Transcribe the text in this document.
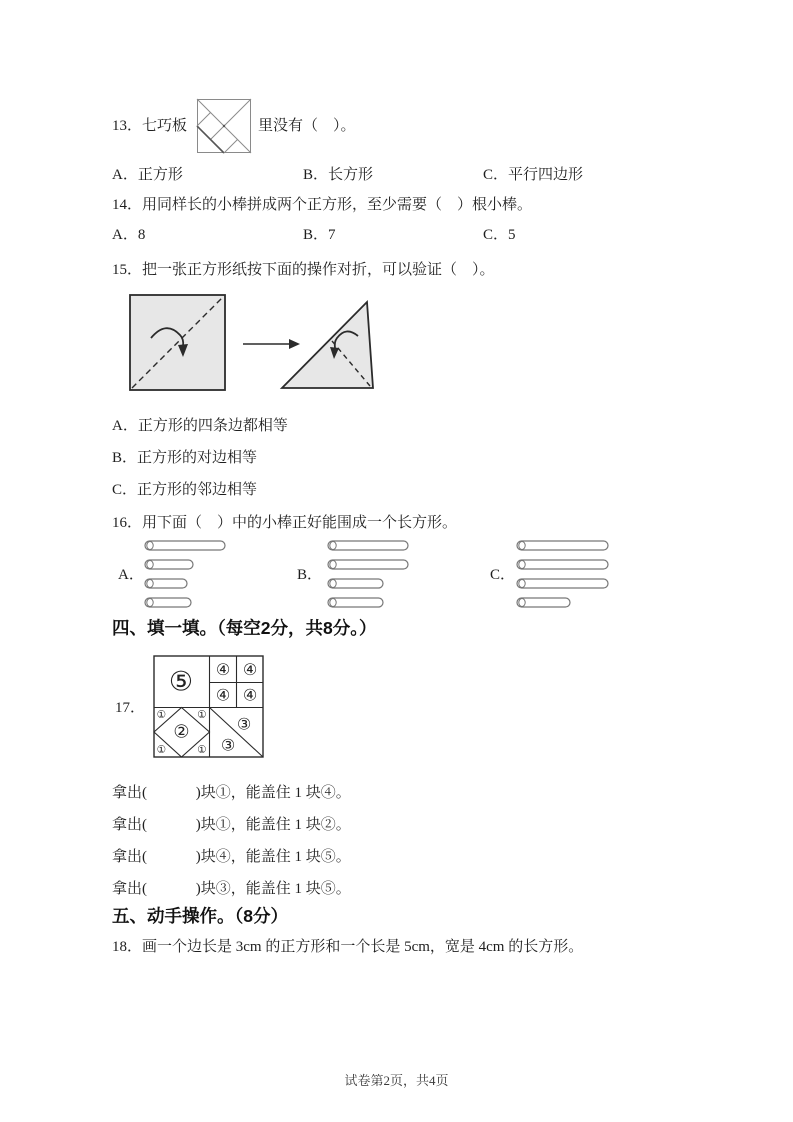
13．七巧板	里没有（　）。
A．正方形	B．长方形	C．平行四边形
14．用同样长的小棒拼成两个正方形，至少需要（　）根小棒。
A．8	B．7	C．5
15．把一张正方形纸按下面的操作对折，可以验证（　）。
A．正方形的四条边都相等
B．正方形的对边相等
C．正方形的邻边相等
16．用下面（　）中的小棒正好能围成一个长方形。
A．	B．	C．
四、填一填。（每空2分，共8分。）
17．
⑤ ④ ④
④ ④
②
①	①
①	①
③
③
拿出(             )块①，能盖住 1 块④。
拿出(             )块①，能盖住 1 块②。
拿出(             )块④，能盖住 1 块⑤。
拿出(             )块③，能盖住 1 块⑤。
五、动手操作。（8分）
18．画一个边长是 3cm 的正方形和一个长是 5cm，宽是 4cm 的长方形。
试卷第2页，共4页
